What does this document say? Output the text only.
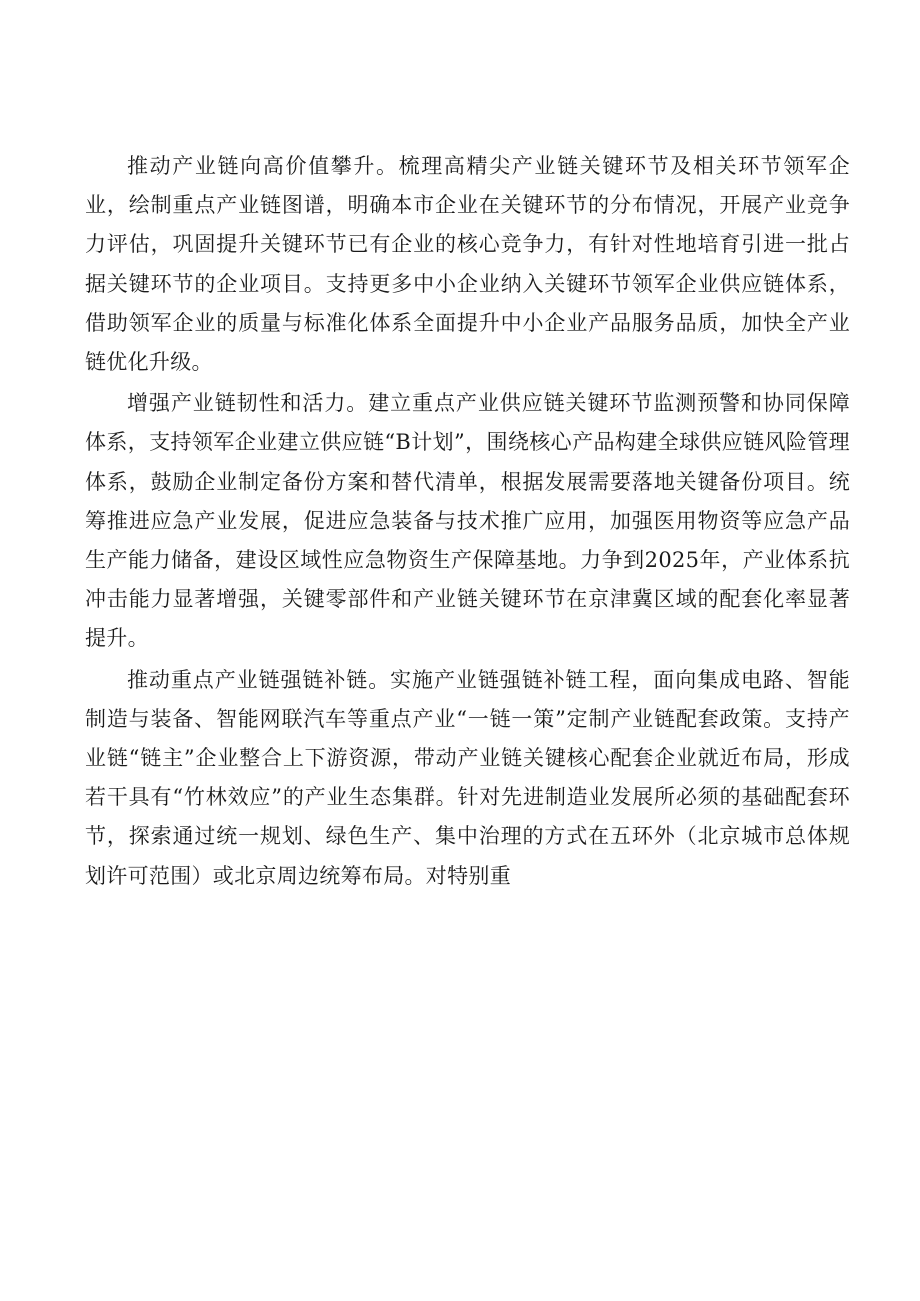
推动产业链向高价值攀升。梳理高精尖产业链关键环节及相关环节领军企业，绘制重点产业链图谱，明确本市企业在关键环节的分布情况，开展产业竞争力评估，巩固提升关键环节已有企业的核心竞争力，有针对性地培育引进一批占据关键环节的企业项目。支持更多中小企业纳入关键环节领军企业供应链体系，借助领军企业的质量与标准化体系全面提升中小企业产品服务品质，加快全产业链优化升级。

增强产业链韧性和活力。建立重点产业供应链关键环节监测预警和协同保障体系，支持领军企业建立供应链“B计划”，围绕核心产品构建全球供应链风险管理体系，鼓励企业制定备份方案和替代清单，根据发展需要落地关键备份项目。统筹推进应急产业发展，促进应急装备与技术推广应用，加强医用物资等应急产品生产能力储备，建设区域性应急物资生产保障基地。力争到2025年，产业体系抗冲击能力显著增强，关键零部件和产业链关键环节在京津冀区域的配套化率显著提升。

推动重点产业链强链补链。实施产业链强链补链工程，面向集成电路、智能制造与装备、智能网联汽车等重点产业“一链一策”定制产业链配套政策。支持产业链“链主”企业整合上下游资源，带动产业链关键核心配套企业就近布局，形成若干具有“竹林效应”的产业生态集群。针对先进制造业发展所必须的基础配套环节，探索通过统一规划、绿色生产、集中治理的方式在五环外（北京城市总体规划许可范围）或北京周边统筹布局。对特别重
